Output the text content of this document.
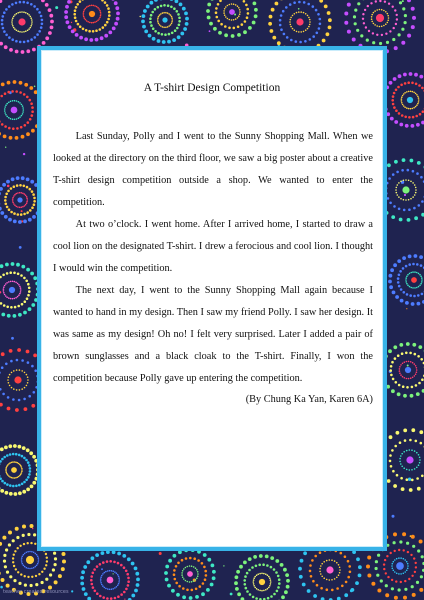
A T-shirt Design Competition

Last Sunday, Polly and I went to the Sunny Shopping Mall. When we looked at the directory on the third floor, we saw a big poster about a creative T-shirt design competition outside a shop. We wanted to enter the competition.

At two o’clock. I went home. After I arrived home, I started to draw a cool lion on the designated T-shirt. I drew a ferocious and cool lion. I thought I would win the competition.

The next day, I went to the Sunny Shopping Mall again because I wanted to hand in my design. Then I saw my friend Polly. I saw her design. It was same as my design! Oh no! I felt very surprised. Later I added a pair of brown sunglasses and a black cloak to the T-shirt. Finally, I won the competition because Polly gave up entering the competition.

(By Chung Ka Yan, Karen 6A)

teacher created resources
